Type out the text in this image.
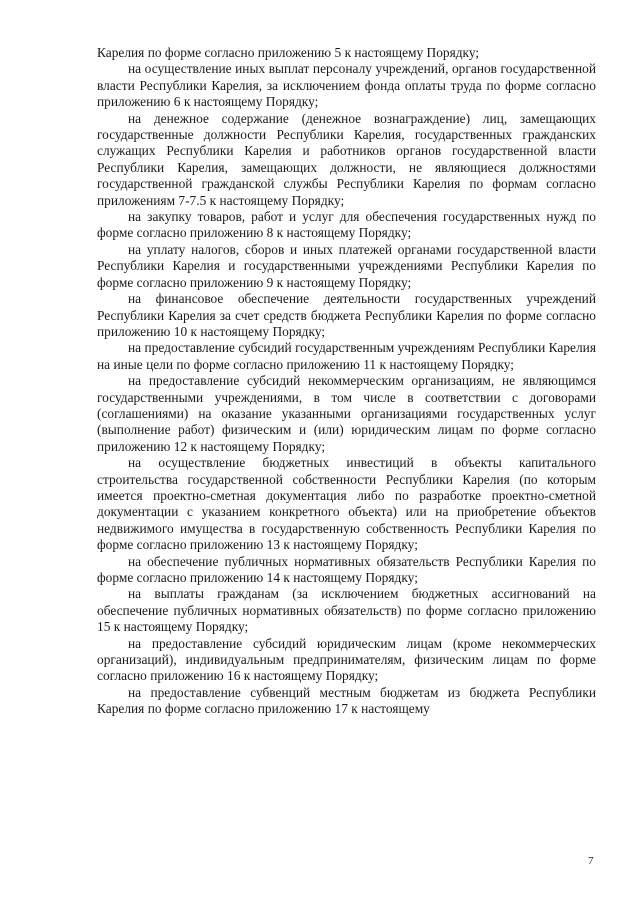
Карелия по форме согласно приложению 5 к настоящему Порядку;

на осуществление иных выплат персоналу учреждений, органов государственной власти Республики Карелия, за исключением фонда оплаты труда по форме согласно приложению 6 к настоящему Порядку;

на денежное содержание (денежное вознаграждение) лиц, замещающих государственные должности Республики Карелия, государственных гражданских служащих Республики Карелия и работников органов государственной власти Республики Карелия, замещающих должности, не являющиеся должностями государственной гражданской службы Республики Карелия по формам согласно приложениям 7-7.5 к настоящему Порядку;

на закупку товаров, работ и услуг для обеспечения государственных нужд по форме согласно приложению 8 к настоящему Порядку;

на уплату налогов, сборов и иных платежей органами государственной власти Республики Карелия и государственными учреждениями Республики Карелия по форме согласно приложению 9 к настоящему Порядку;

на финансовое обеспечение деятельности государственных учреждений Республики Карелия за счет средств бюджета Республики Карелия по форме согласно приложению 10 к настоящему Порядку;

на предоставление субсидий государственным учреждениям Республики Карелия на иные цели по форме согласно приложению 11 к настоящему Порядку;

на предоставление субсидий некоммерческим организациям, не являющимся государственными учреждениями, в том числе в соответствии с договорами (соглашениями) на оказание указанными организациями государственных услуг (выполнение работ) физическим и (или) юридическим лицам по форме согласно приложению 12 к настоящему Порядку;

на осуществление бюджетных инвестиций в объекты капитального строительства государственной собственности Республики Карелия (по которым имеется проектно-сметная документация либо по разработке проектно-сметной документации с указанием конкретного объекта) или на приобретение объектов недвижимого имущества в государственную собственность Республики Карелия по форме согласно приложению 13 к настоящему Порядку;

на обеспечение публичных нормативных обязательств Республики Карелия по форме согласно приложению 14 к настоящему Порядку;

на выплаты гражданам (за исключением бюджетных ассигнований на обеспечение публичных нормативных обязательств) по форме согласно приложению 15 к настоящему Порядку;

на предоставление субсидий юридическим лицам (кроме некоммерческих организаций), индивидуальным предпринимателям, физическим лицам по форме согласно приложению 16 к настоящему Порядку;

на предоставление субвенций местным бюджетам из бюджета Республики Карелия по форме согласно приложению 17 к настоящему

7
